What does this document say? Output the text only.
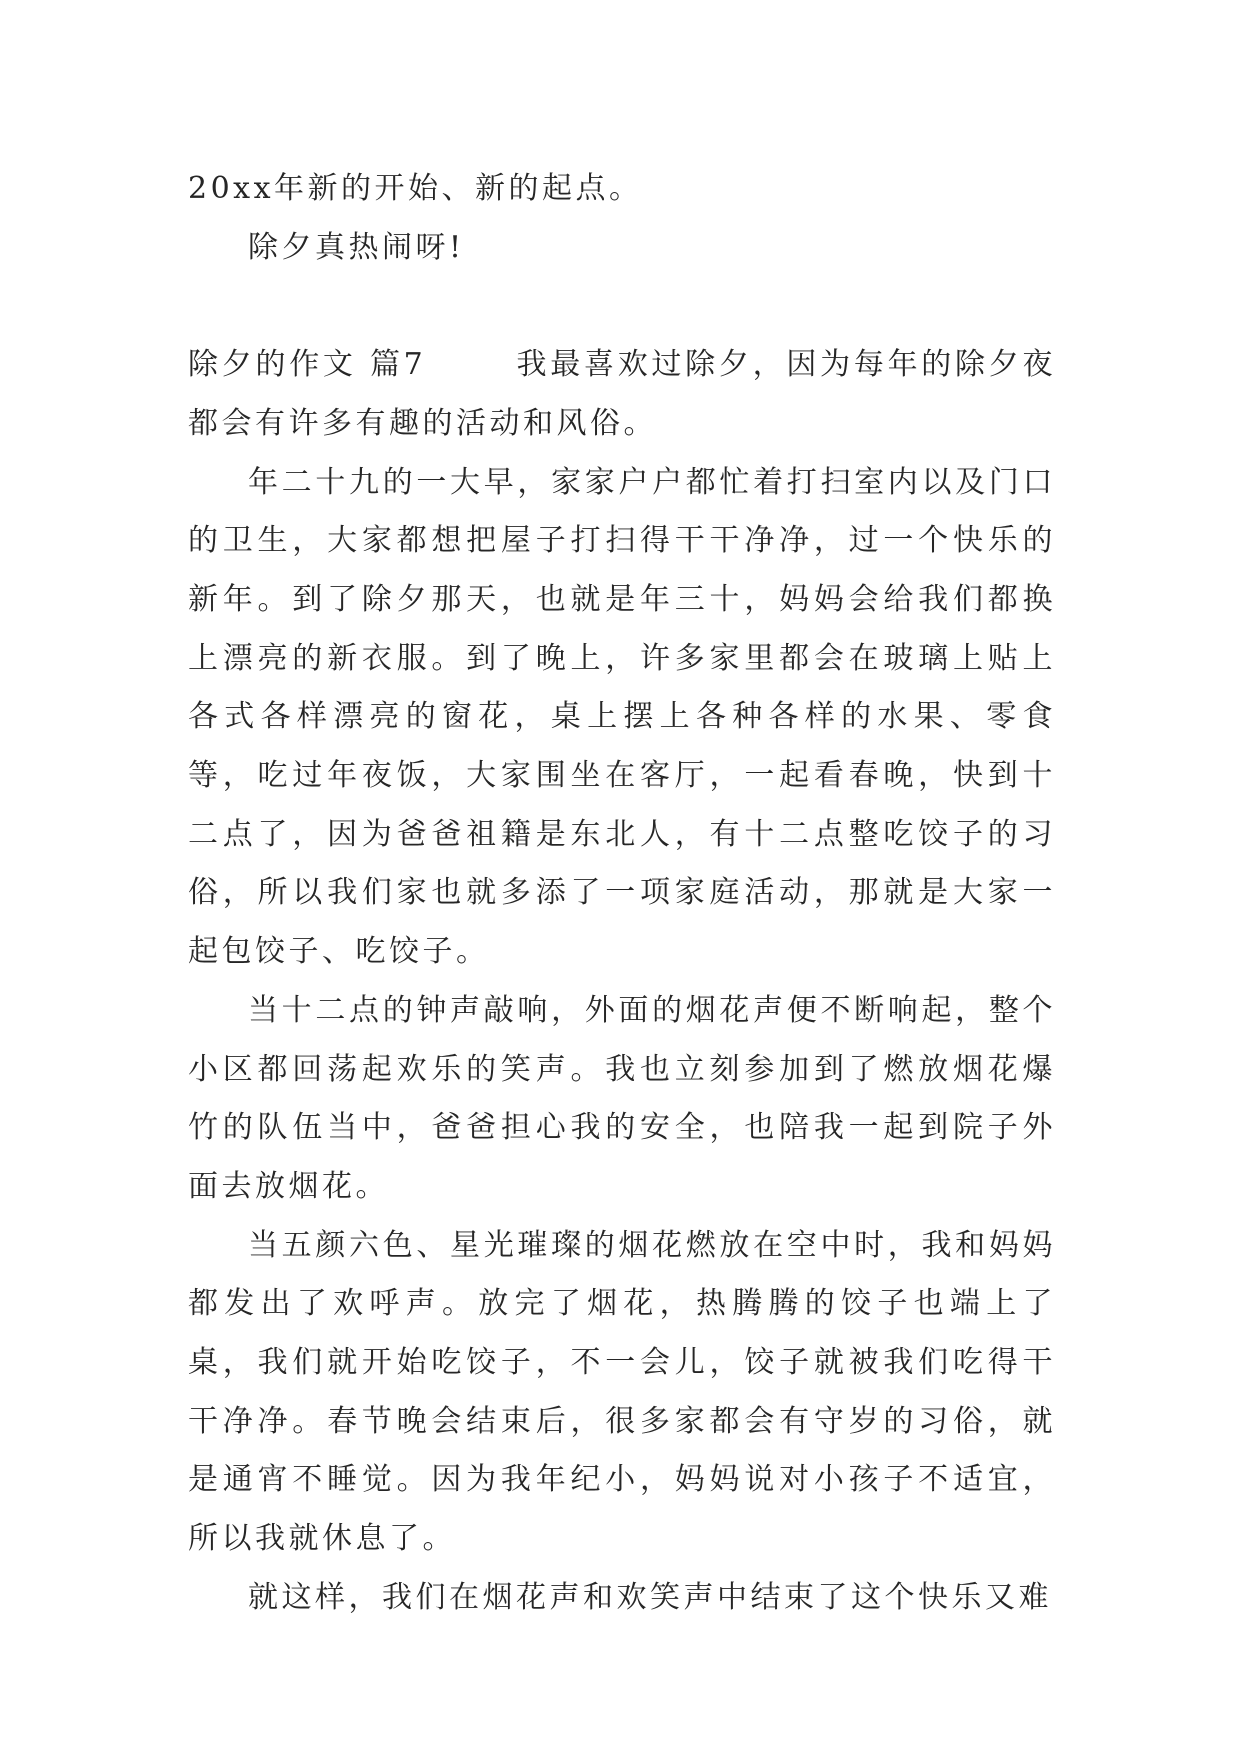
20xx年新的开始、新的起点。

除夕真热闹呀!

除夕的作文 篇7	我最喜欢过除夕，因为每年的除夕夜都会有许多有趣的活动和风俗。

年二十九的一大早，家家户户都忙着打扫室内以及门口的卫生，大家都想把屋子打扫得干干净净，过一个快乐的新年。到了除夕那天，也就是年三十，妈妈会给我们都换上漂亮的新衣服。到了晚上，许多家里都会在玻璃上贴上各式各样漂亮的窗花，桌上摆上各种各样的水果、零食等，吃过年夜饭，大家围坐在客厅，一起看春晚，快到十二点了，因为爸爸祖籍是东北人，有十二点整吃饺子的习俗，所以我们家也就多添了一项家庭活动，那就是大家一起包饺子、吃饺子。

当十二点的钟声敲响，外面的烟花声便不断响起，整个小区都回荡起欢乐的笑声。我也立刻参加到了燃放烟花爆竹的队伍当中，爸爸担心我的安全，也陪我一起到院子外面去放烟花。

当五颜六色、星光璀璨的烟花燃放在空中时，我和妈妈都发出了欢呼声。放完了烟花，热腾腾的饺子也端上了桌，我们就开始吃饺子，不一会儿，饺子就被我们吃得干干净净。春节晚会结束后，很多家都会有守岁的习俗，就是通宵不睡觉。因为我年纪小，妈妈说对小孩子不适宜，所以我就休息了。

就这样，我们在烟花声和欢笑声中结束了这个快乐又难
